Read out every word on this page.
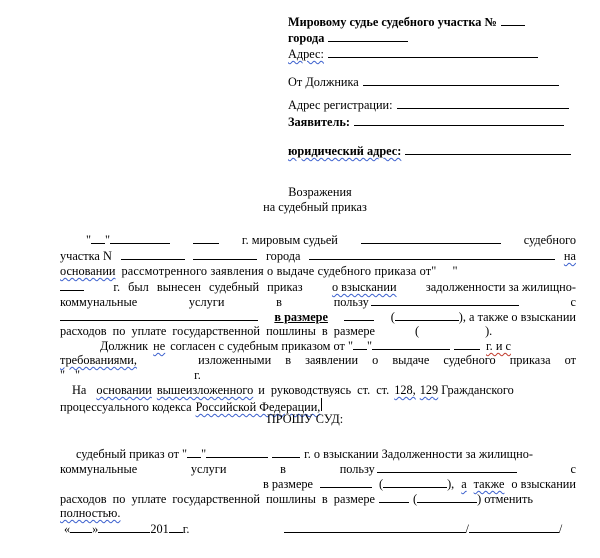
Мировому судье судебного участка №
города
Адрес:
От Должника
Адрес регистрации:
Заявитель:
юридический адрес:
Возражения
на судебный приказ
" "	г. мировым судьей	судебного
участка N	города	на
основании рассмотренного заявления о выдаче судебного приказа от" "
г. был вынесен судебный приказ о взыскании задолженности за жилищно-
коммунальные	услуги	в	пользу	с
в размере	(	), а также о взыскании
расходов по уплате государственной пошлины в размере	(	).
Должник не согласен с судебным приказом от " "	г. и с
требованиями,	изложенными в заявлении о выдаче судебного приказа от
" "	г.
На основании вышеизложенного и руководствуясь ст. ст. 128, 129 Гражданского
процессуального кодекса Российской Федерации,
ПРОШУ СУД:
судебный приказ от " "	г. о взыскании Задолженности за жилищно-
коммунальные	услуги	в	пользу	с
в размере	(	), а также о взыскании
расходов по уплате государственной пошлины в размере	(	) отменить
полностью.
« »	201 г.	/	/
